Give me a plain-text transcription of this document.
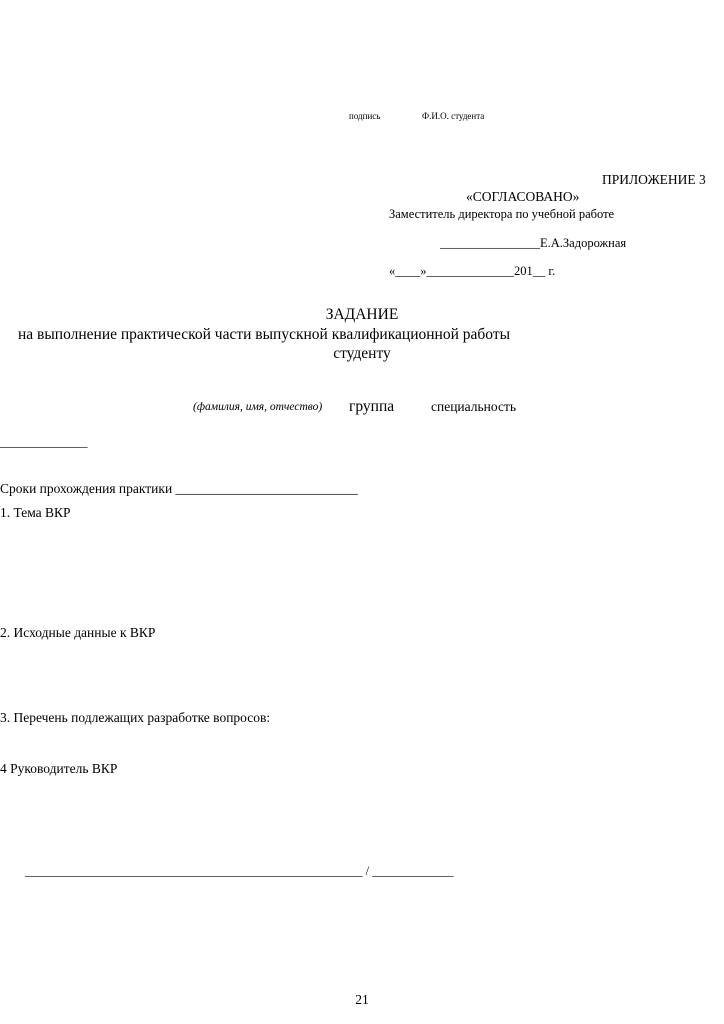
подпись	Ф.И.О. студента
ПРИЛОЖЕНИЕ 3
«СОГЛАСОВАНО»
Заместитель директора по учебной работе
________________Е.А.Задорожная
«____»______________201__ г.
ЗАДАНИЕ
на выполнение практической части выпускной квалификационной работы
студенту
(фамилия, имя, отчество) группа	специальность
______________
Сроки прохождения практики ___________________________
1. Тема ВКР
2. Исходные данные к ВКР
3. Перечень подлежащих разработке вопросов:
4 Руководитель ВКР
______________________________________________________ / _____________
21
